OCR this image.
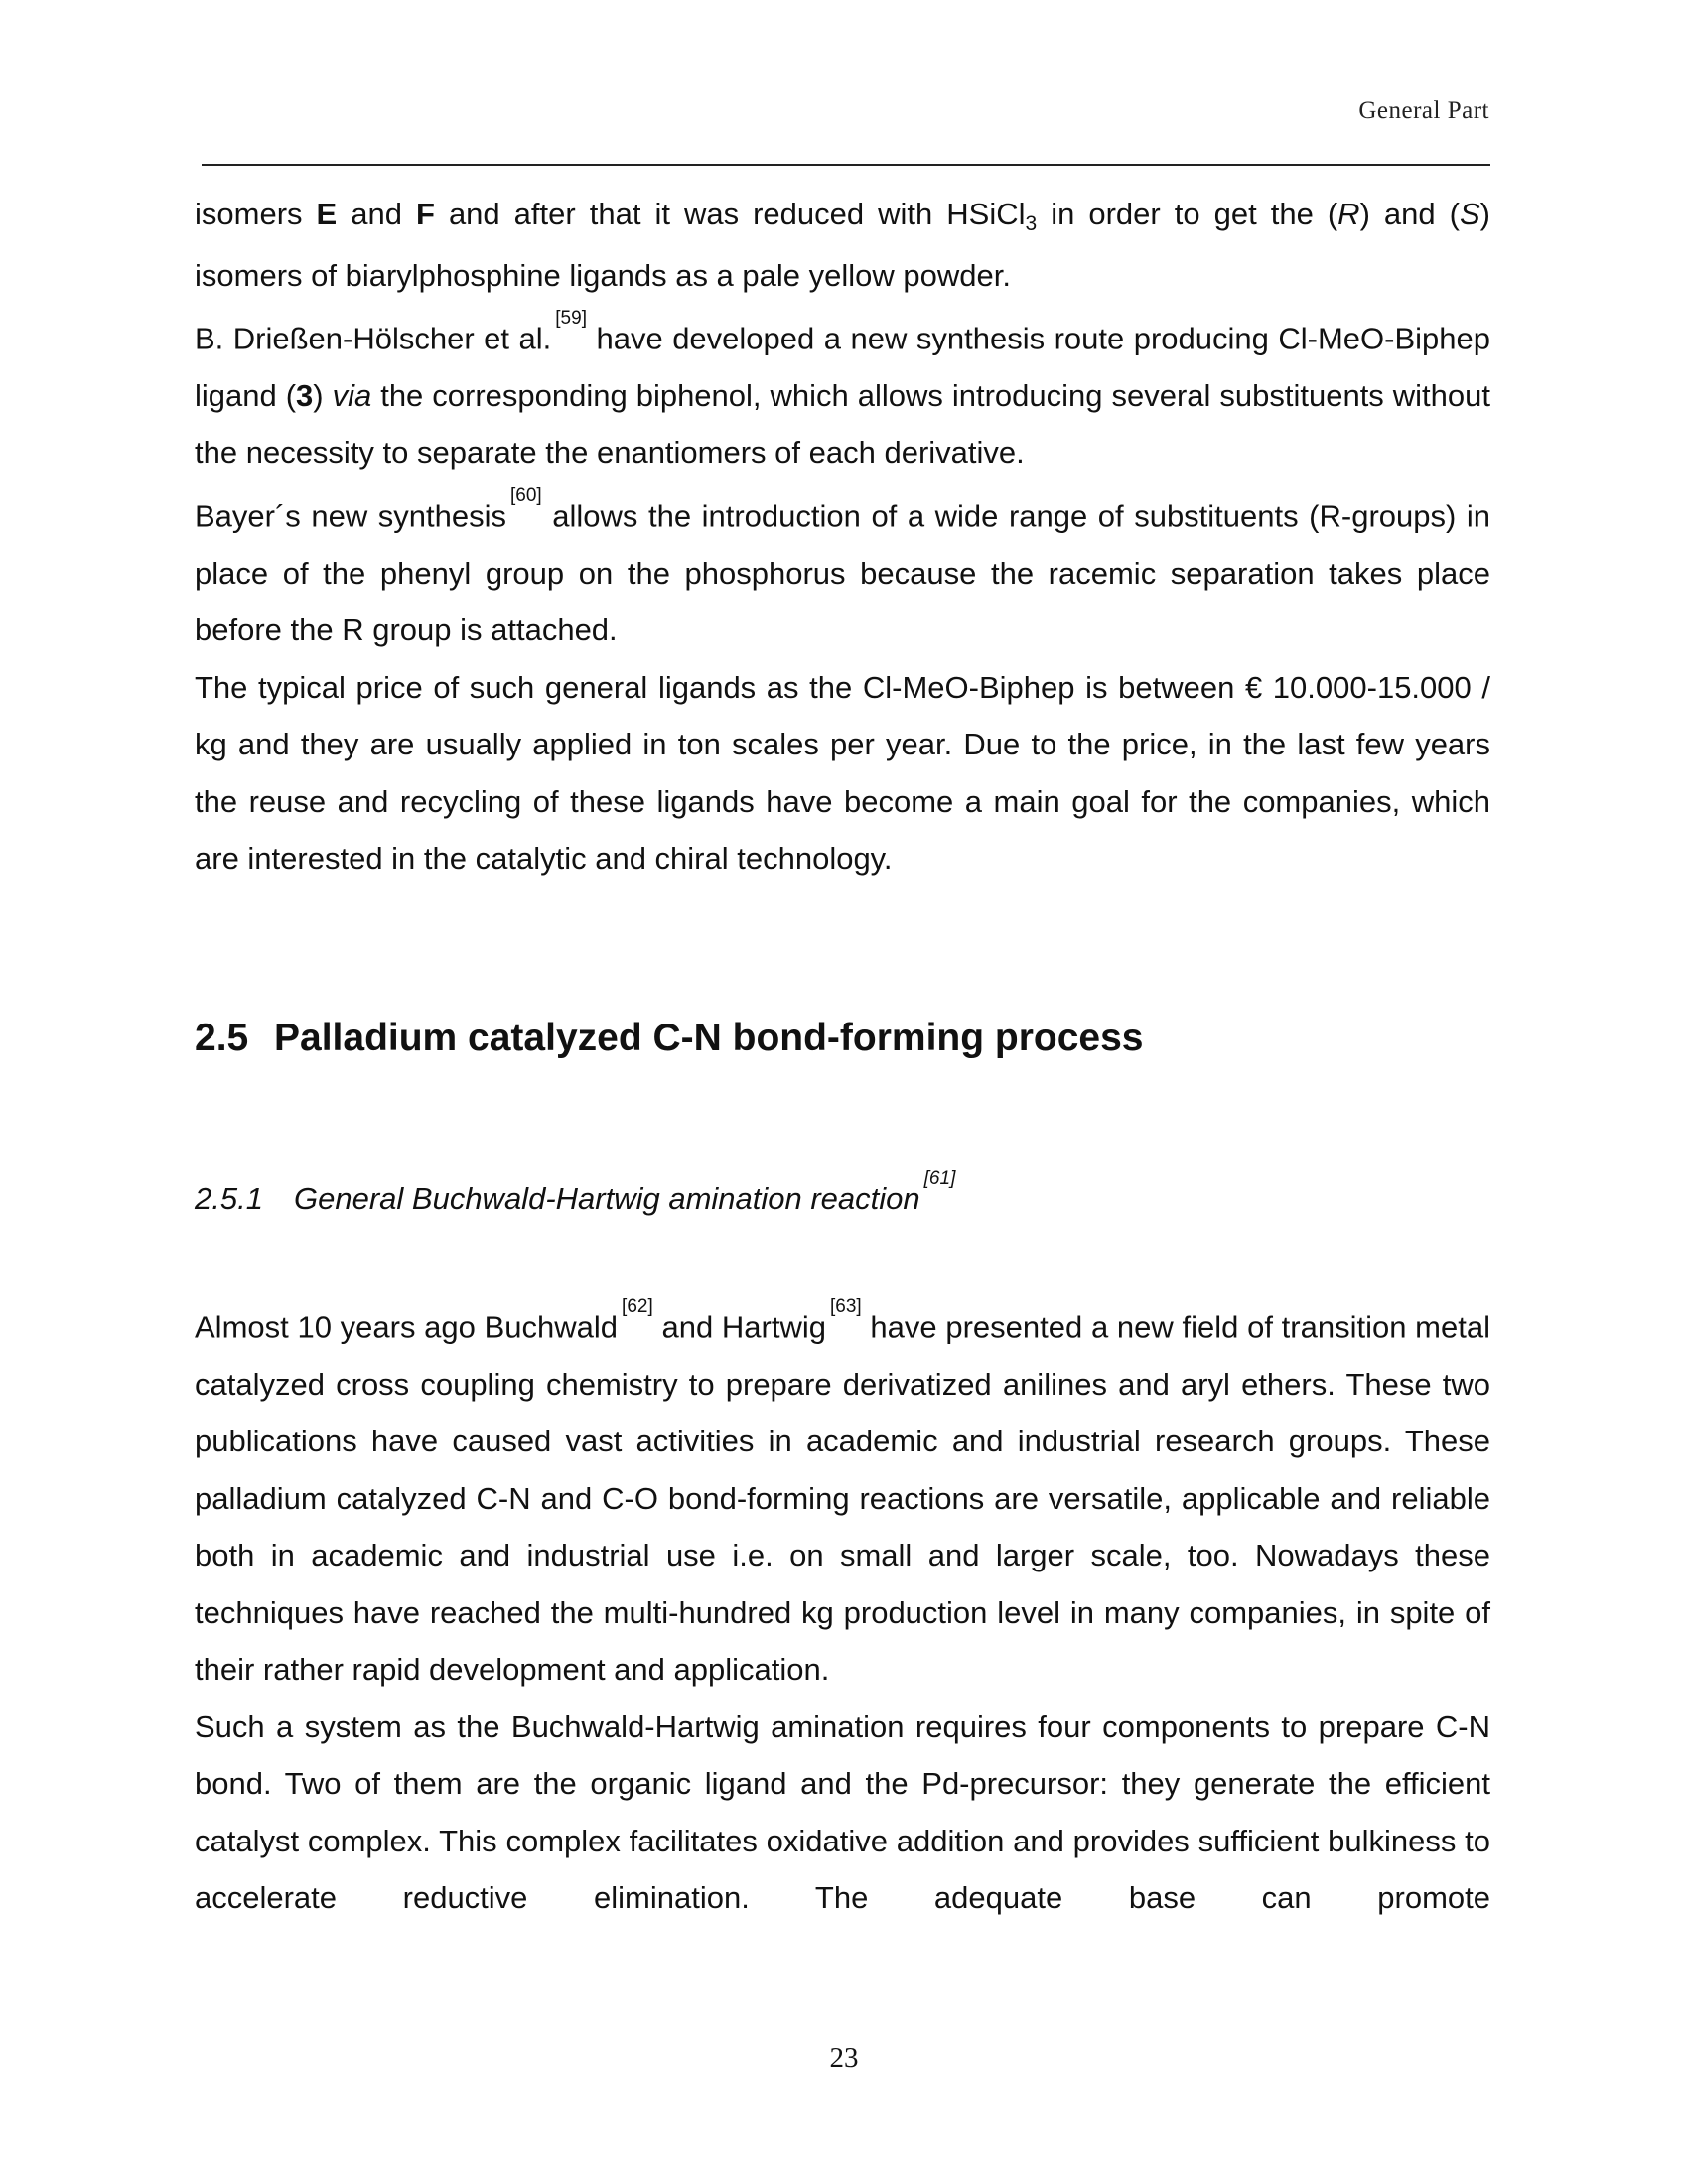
General Part

isomers E and F and after that it was reduced with HSiCl3 in order to get the (R) and (S) isomers of biarylphosphine ligands as a pale yellow powder.

B. Drießen-Hölscher et al.[59] have developed a new synthesis route producing Cl-MeO-Biphep ligand (3) via the corresponding biphenol, which allows introducing several substituents without the necessity to separate the enantiomers of each derivative.

Bayer´s new synthesis[60] allows the introduction of a wide range of substituents (R-groups) in place of the phenyl group on the phosphorus because the racemic separation takes place before the R group is attached.

The typical price of such general ligands as the Cl-MeO-Biphep is between € 10.000-15.000 / kg and they are usually applied in ton scales per year. Due to the price, in the last few years the reuse and recycling of these ligands have become a main goal for the companies, which are interested in the catalytic and chiral technology.

2.5 Palladium catalyzed C-N bond-forming process
2.5.1 General Buchwald-Hartwig amination reaction[61]

Almost 10 years ago Buchwald[62] and Hartwig[63] have presented a new field of transition metal catalyzed cross coupling chemistry to prepare derivatized anilines and aryl ethers. These two publications have caused vast activities in academic and industrial research groups. These palladium catalyzed C-N and C-O bond-forming reactions are versatile, applicable and reliable both in academic and industrial use i.e. on small and larger scale, too. Nowadays these techniques have reached the multi-hundred kg production level in many companies, in spite of their rather rapid development and application.

Such a system as the Buchwald-Hartwig amination requires four components to prepare C-N bond. Two of them are the organic ligand and the Pd-precursor: they generate the efficient catalyst complex. This complex facilitates oxidative addition and provides sufficient bulkiness to accelerate reductive elimination. The adequate base can promote

23
